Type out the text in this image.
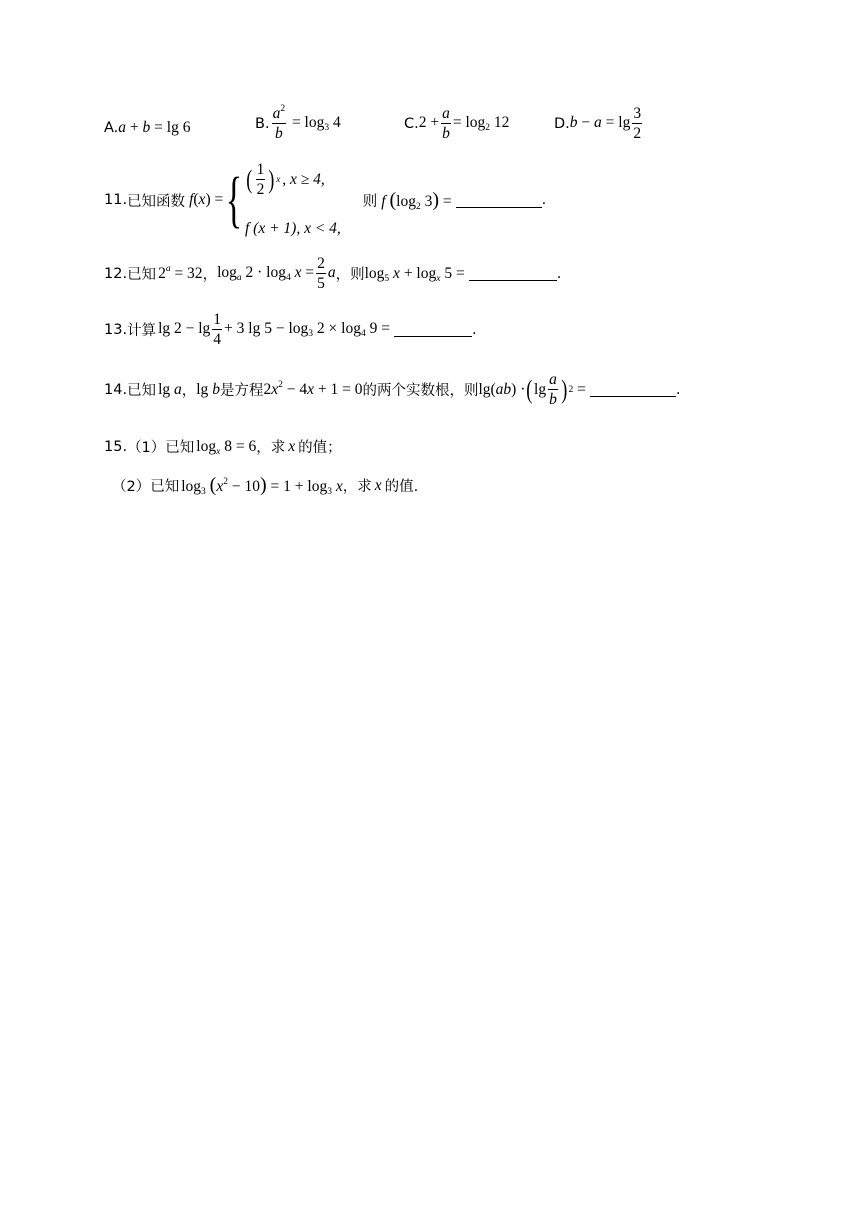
A. a + b = lg 6	B. $\frac{a^2}{b} = \log_3 4$	C. $2 + \frac{a}{b} = \log_2 12$	D. $b - a = \lg \frac{3}{2}$
11. 已知函数 f(x) = { ( $\frac{1}{2}$ ) x , x ≥ 4,
f (x + 1), x < 4,
则 f ($\log_2$ 3) =	.
12. 已知 $2^a = 32$ ， $\log_a 2 \cdot \log_4 x = \frac{2}{5}$ a ，则 $\log_5 x + \log_x 5$ =	.
13. 计算 $\lg 2 - \lg \frac{1}{4} + 3$ $\lg 5 - \log_3 2 \times \log_4 9$ =	.
14. 已知 lg a ， lg b 是方程 $2x^2 - 4x + 1 = 0$ 的两个实数根，则 lg( ab ) · ( $\lg \frac{a}{b}$ ) 2 =	.
15. （1）已知 $\log_x 8 = 6$ ，求 x 的值；
（2）已知 $\log_3 (x^2 - 10) = 1 + \log_3 x$ ，求 x 的值.
